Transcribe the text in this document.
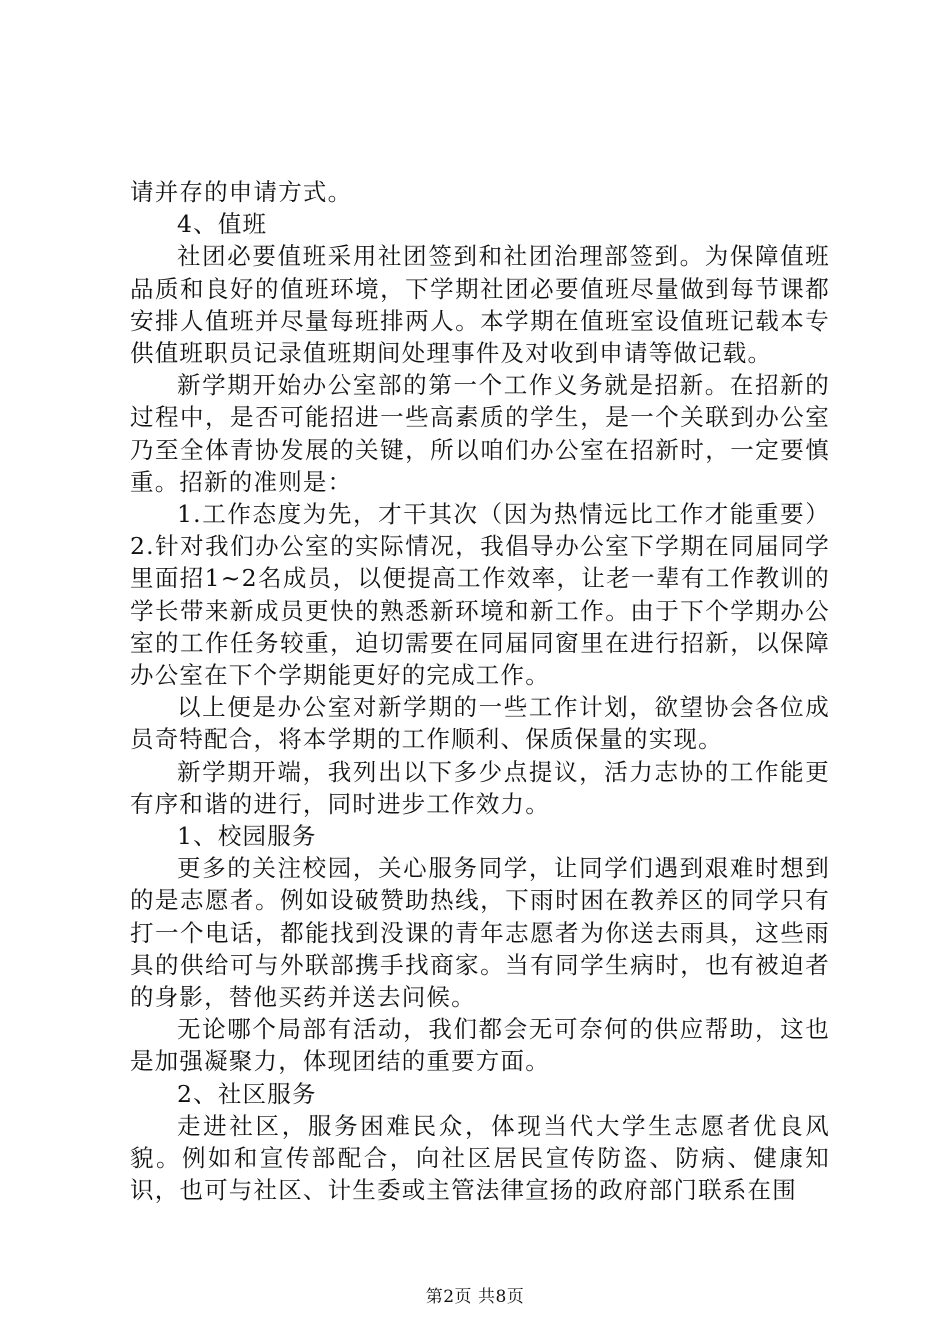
请并存的申请方式。

4、值班

社团必要值班采用社团签到和社团治理部签到。为保障值班品质和良好的值班环境，下学期社团必要值班尽量做到每节课都安排人值班并尽量每班排两人。本学期在值班室设值班记载本专供值班职员记录值班期间处理事件及对收到申请等做记载。

新学期开始办公室部的第一个工作义务就是招新。在招新的过程中，是否可能招进一些高素质的学生，是一个关联到办公室乃至全体青协发展的关键，所以咱们办公室在招新时，一定要慎重。招新的准则是：

1.工作态度为先，才干其次（因为热情远比工作才能重要）2.针对我们办公室的实际情况，我倡导办公室下学期在同届同学里面招1~2名成员，以便提高工作效率，让老一辈有工作教训的学长带来新成员更快的熟悉新环境和新工作。由于下个学期办公室的工作任务较重，迫切需要在同届同窗里在进行招新，以保障办公室在下个学期能更好的完成工作。

以上便是办公室对新学期的一些工作计划，欲望协会各位成员奇特配合，将本学期的工作顺利、保质保量的实现。

新学期开端，我列出以下多少点提议，活力志协的工作能更有序和谐的进行，同时进步工作效力。

1、校园服务

更多的关注校园，关心服务同学，让同学们遇到艰难时想到的是志愿者。例如设破赞助热线，下雨时困在教养区的同学只有打一个电话，都能找到没课的青年志愿者为你送去雨具，这些雨具的供给可与外联部携手找商家。当有同学生病时，也有被迫者的身影，替他买药并送去问候。

无论哪个局部有活动，我们都会无可奈何的供应帮助，这也是加强凝聚力，体现团结的重要方面。

2、社区服务

走进社区，服务困难民众，体现当代大学生志愿者优良风貌。例如和宣传部配合，向社区居民宣传防盗、防病、健康知识，也可与社区、计生委或主管法律宣扬的政府部门联系在围

第2页 共8页
